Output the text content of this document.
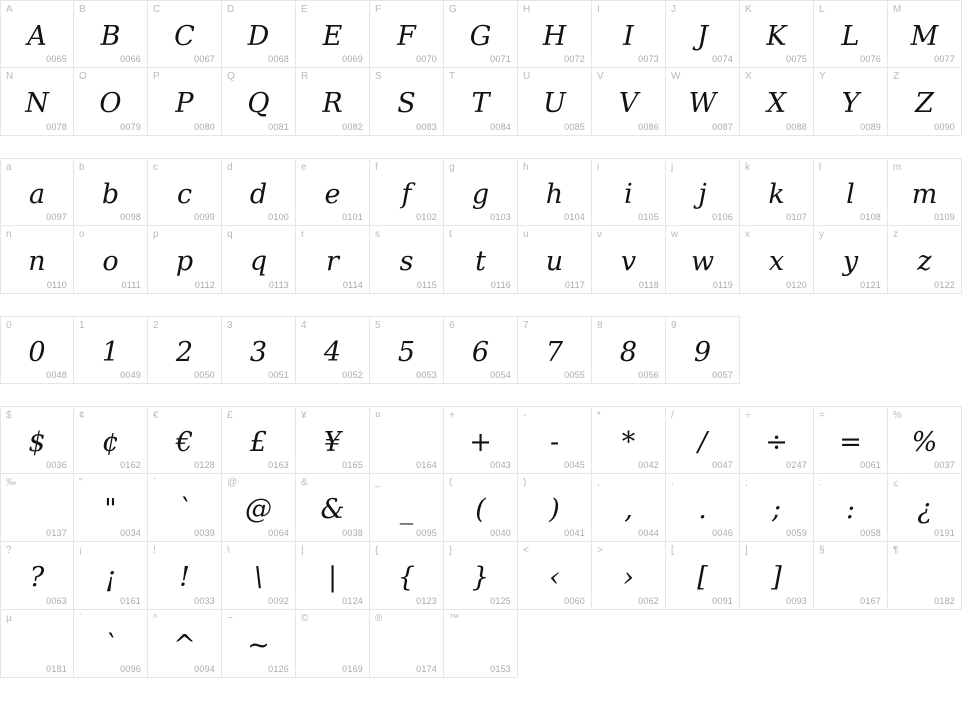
A
A
0065
B
B
0066
C
C
0067
D
D
0068
E
E
0069
F
F
0070
G
G
0071
H
H
0072
I
I
0073
J
J
0074
K
K
0075
L
L
0076
M
M
0077
N
N
0078
O
O
0079
P
P
0080
Q
Q
0081
R
R
0082
S
S
0083
T
T
0084
U
U
0085
V
V
0086
W
W
0087
X
X
0088
Y
Y
0089
Z
Z
0090
a
a
0097
b
b
0098
c
c
0099
d
d
0100
e
e
0101
f
f
0102
g
g
0103
h
h
0104
i
i
0105
j
j
0106
k
k
0107
l
l
0108
m
m
0109
n
n
0110
o
o
0111
p
p
0112
q
q
0113
r
r
0114
s
s
0115
t
t
0116
u
u
0117
v
v
0118
w
w
0119
x
x
0120
y
y
0121
z
z
0122
0
0
0048
1
1
0049
2
2
0050
3
3
0051
4
4
0052
5
5
0053
6
6
0054
7
7
0055
8
8
0056
9
9
0057
$
$
0036
¢
¢
0162
€
€
0128
£
£
0163
¥
¥
0165
¤
0164
+
+
0043
-
-
0045
*
*
0042
/
/
0047
÷
÷
0247
=
=
0061
%
%
0037
‰
0137
"
"
0034
`
`
0039
@
@
0064
&
&
0038
_
_
0095
(
(
0040
)
)
0041
,
,
0044
.
.
0046
;
;
0059
:
:
0058
¿
¿
0191
?
?
0063
¡
¡
0161
!
!
0033
\
\
0092
|
|
0124
{
{
0123
}
}
0125
<
‹
0060
>
›
0062
[
[
0091
]
]
0093
§
0167
¶
0182
µ
0181
´
`
0096
^
^
0094
~
~
0126
©
0169
®
0174
™
0153
